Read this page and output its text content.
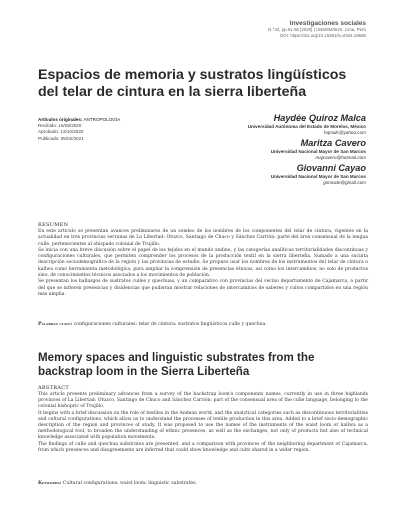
Investigaciones sociales
N.°44, pp.51-66 [2020] | UNMSM/IIHS. Lima, Perú
DOI: https://doi.org/10.15381/is.v0i44.19556
Espacios de memoria y sustratos lingüísticos del telar de cintura en la sierra liberteña
Artículos originales: ANTROPOLOGÍA
Recibido: 16/09/2020
Aprobado: 13/10/2020
Publicado: 05/02/2021
Haydée Quiroz Malca
Universidad Autónoma del Estado de Morelos, México
hqmalc@yahoo.com
Maritza Cavero
Universidad Nacional Mayor de San Marcos
majcavero@hotmail.com
Giovanni Cayao
Universidad Nacional Mayor de San Marcos
gimicate@gmail.com
RESUMEN

En este artículo se presentan avances preliminares de un sondeo de los nombres de los componentes del telar de cintura, vigentes en la actualidad en tres provincias serranas de La Libertad: Otuzco, Santiago de Chuco y Sánchez Carrión: parte del área consensual de la lengua culle, pertenecientes al obispado colonial de Trujillo.

Se inicia con una breve discusión sobre el papel de los tejidos en el mundo andino, y las categorías analíticas territorialidades discontinuas y configuraciones culturales, que permiten comprender los procesos de la producción textil en la sierra liberteña. Sumado a una sucinta descripción sociodemográfica de la región y las provincias de estudio. Se propuso usar los nombres de los instrumentos del telar de cintura o kallwa como herramienta metodológica, para ampliar la comprensión de presencias étnicas, así como los intercambios, no solo de productos sino, de conocimientos técnicos asociados a los movimientos de población.

Se presentan los hallazgos de sustratos culles y quechuas, y un comparativo con provincias del vecino departamento de Cajamarca, a partir del que se infieren presencias y disidencias que pudieran mostrar relaciones de intercambios de saberes y cultos compartidos en una región más amplia.

Palabras clave: configuraciones culturales: telar de cintura: sustratos lingüísticos culle y quechua.
Memory spaces and linguistic substrates from the backstrap loom in the Sierra Liberteña
ABSTRACT

This article presents preliminary advances from a survey of the backstrap loom's components names, currently in use in three highlands provinces of La Libertad: Otuzco, Santiago de Chuco and Sánchez Carrión: part of the consensual area of the culle language, belonging to the colonial bishopric of Trujillo.

It begins with a brief discussion on the role of textiles in the Andean world, and the analytical categories such as discontinuous territorialities and cultural configurations, which allow us to understand the processes of textile production in this area. Added to a brief socio-demographic description of the region and provinces of study. It was proposed to use the names of the instruments of the waist loom or kallwa as a methodological tool, to broaden the understanding of ethnic presences, as well as the exchanges, not only of products but also of technical knowledge associated with population movements.

The findings of culle and quechua substrates are presented, and a comparison with provinces of the neighboring department of Cajamarca, from which presences and disagreements are inferred that could show knowledge and cults shared in a wider region.

Keywords: Cultural configurations: waist loom: linguistic substrates.
